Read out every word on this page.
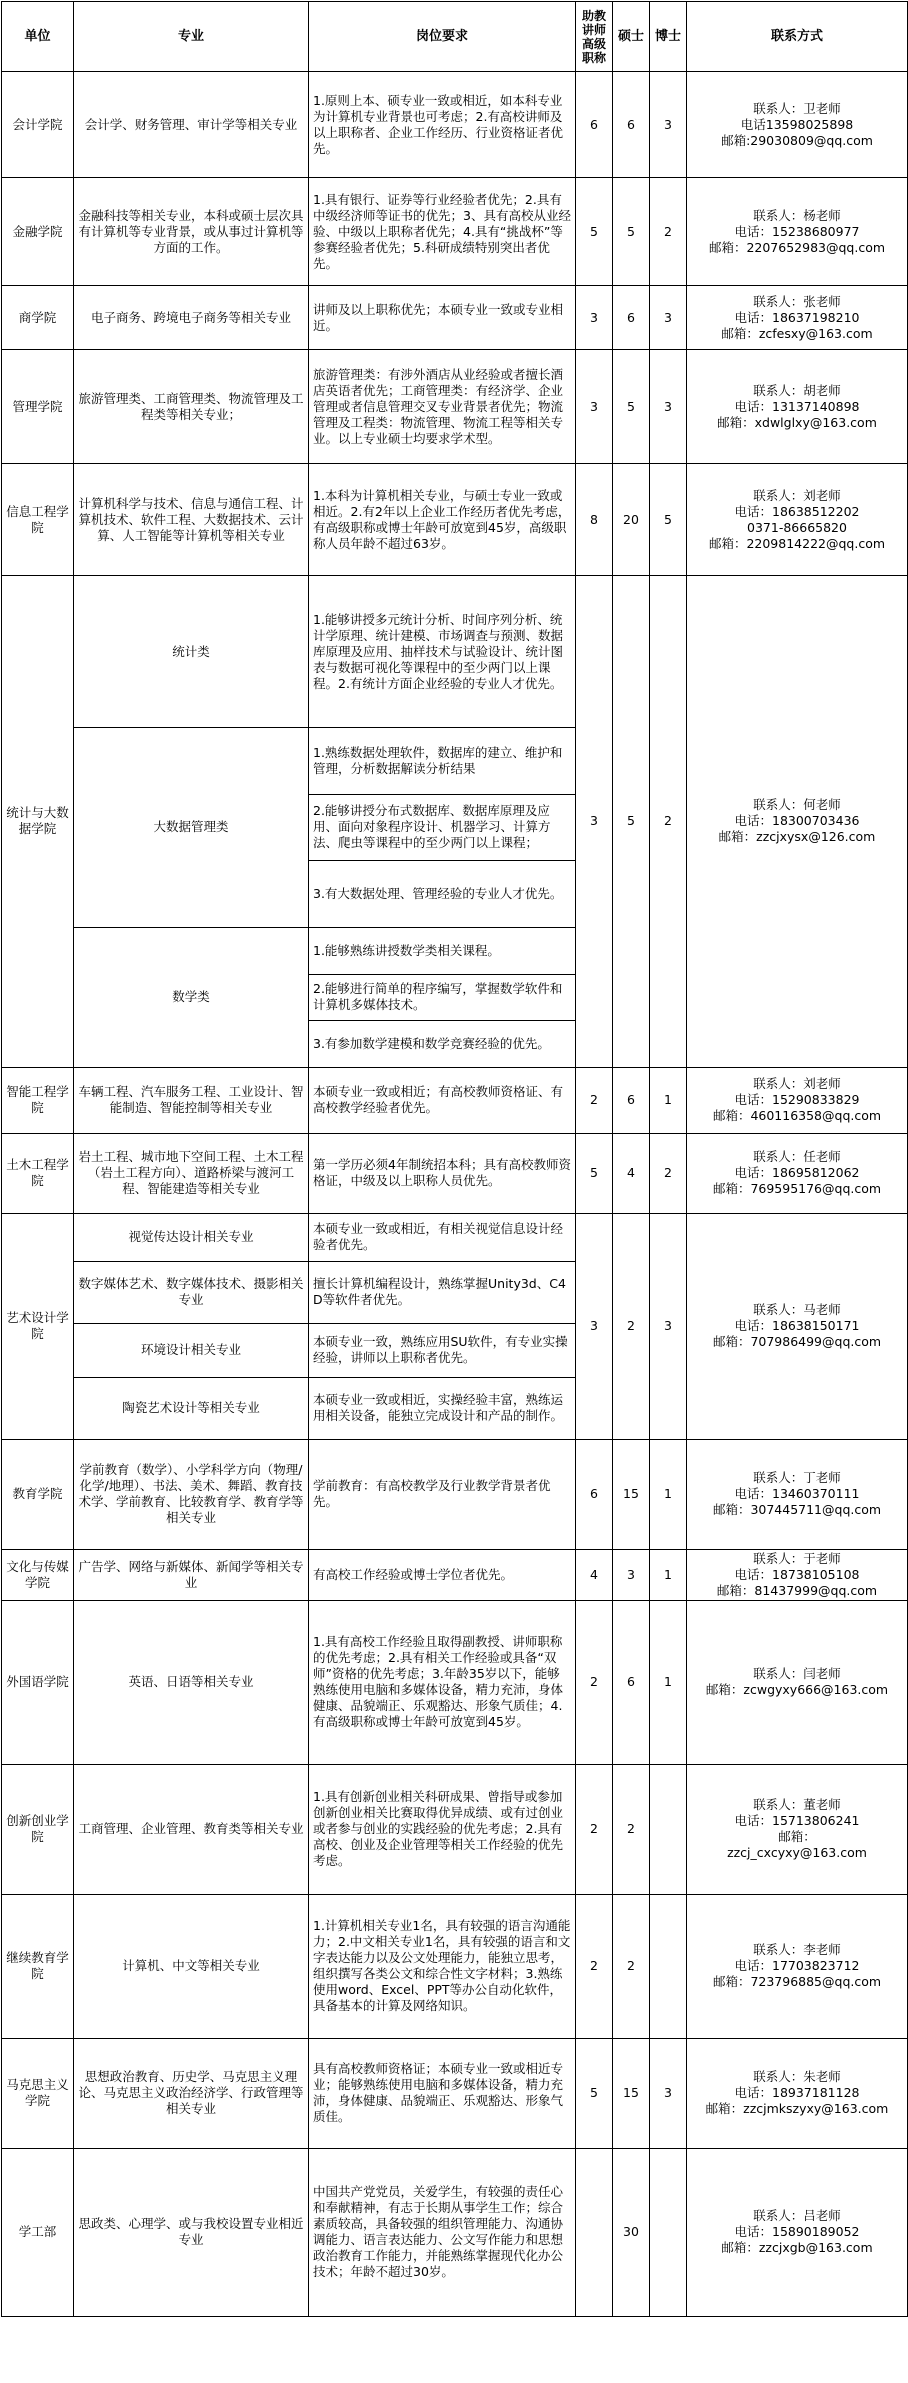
单位	专业	岗位要求	助教讲师高级职称	硕士	博士	联系方式
会计学院	会计学、财务管理、审计学等相关专业	1.原则上本、硕专业一致或相近，如本科专业为计算机专业背景也可考虑；2.有高校讲师及以上职称者、企业工作经历、行业资格证者优先。	6	6	3	联系人：卫老师
电话13598025898
邮箱:29030809@qq.com

金融学院	金融科技等相关专业，本科或硕士层次具有计算机等专业背景，或从事过计算机等方面的工作。	1.具有银行、证券等行业经验者优先；2.具有中级经济师等证书的优先；3、具有高校从业经验、中级以上职称者优先；4.具有“挑战杯”等参赛经验者优先；5.科研成绩特别突出者优先。	5	5	2	联系人：杨老师
电话：15238680977
邮箱：2207652983@qq.com

商学院	电子商务、跨境电子商务等相关专业	讲师及以上职称优先；本硕专业一致或专业相近。	3	6	3	联系人：张老师
电话：18637198210
邮箱：zcfesxy@163.com

管理学院	旅游管理类、工商管理类、物流管理及工程类等相关专业；	旅游管理类：有涉外酒店从业经验或者擅长酒店英语者优先；工商管理类：有经济学、企业管理或者信息管理交叉专业背景者优先；物流管理及工程类：物流管理、物流工程等相关专业。以上专业硕士均要求学术型。	3	5	3	联系人：胡老师
电话：13137140898
邮箱：xdwlglxy@163.com

信息工程学院	计算机科学与技术、信息与通信工程、计算机技术、软件工程、大数据技术、云计算、人工智能等计算机等相关专业	1.本科为计算机相关专业，与硕士专业一致或相近。2.有2年以上企业工作经历者优先考虑，有高级职称或博士年龄可放宽到45岁，高级职称人员年龄不超过63岁。	8	20	5	联系人：刘老师
电话：18638512202
0371-86665820
邮箱：2209814222@qq.com

统计与大数据学院	统计类	1.能够讲授多元统计分析、时间序列分析、统计学原理、统计建模、市场调查与预测、数据库原理及应用、抽样技术与试验设计、统计图表与数据可视化等课程中的至少两门以上课程。2.有统计方面企业经验的专业人才优先。	3	5	2	联系人：何老师
电话：18300703436
邮箱：zzcjxysx@126.com

	大数据管理类	1.熟练数据处理软件，数据库的建立、维护和管理，分析数据解读分析结果				
		2.能够讲授分布式数据库、数据库原理及应用、面向对象程序设计、机器学习、计算方法、爬虫等课程中的至少两门以上课程；				
		3.有大数据处理、管理经验的专业人才优先。				
	数学类	1.能够熟练讲授数学类相关课程。				
		2.能够进行简单的程序编写，掌握数学软件和计算机多媒体技术。				
		3.有参加数学建模和数学竞赛经验的优先。				
智能工程学院	车辆工程、汽车服务工程、工业设计、智能制造、智能控制等相关专业	本硕专业一致或相近；有高校教师资格证、有高校教学经验者优先。	2	6	1	联系人：刘老师
电话：15290833829
邮箱：460116358@qq.com

土木工程学院	岩土工程、城市地下空间工程、土木工程（岩土工程方向）、道路桥梁与渡河工程、智能建造等相关专业	第一学历必须4年制统招本科；具有高校教师资格证，中级及以上职称人员优先。	5	4	2	联系人：任老师
电话：18695812062
邮箱：769595176@qq.com

艺术设计学院	视觉传达设计相关专业	本硕专业一致或相近，有相关视觉信息设计经验者优先。	3	2	3	联系人：马老师
电话：18638150171
邮箱：707986499@qq.com

	数字媒体艺术、数字媒体技术、摄影相关专业	擅长计算机编程设计，熟练掌握Unity3d、C4D等软件者优先。				
	环境设计相关专业	本硕专业一致，熟练应用SU软件，有专业实操经验，讲师以上职称者优先。				
	陶瓷艺术设计等相关专业	本硕专业一致或相近，实操经验丰富，熟练运用相关设备，能独立完成设计和产品的制作。				
教育学院	学前教育（数学）、小学科学方向（物理/化学/地理）、书法、美术、舞蹈、教育技术学、学前教育、比较教育学、教育学等相关专业	学前教育：有高校教学及行业教学背景者优先。	6	15	1	联系人：丁老师
电话：13460370111
邮箱：307445711@qq.com

文化与传媒学院	广告学、网络与新媒体、新闻学等相关专业	有高校工作经验或博士学位者优先。	4	3	1	联系人：于老师
电话：18738105108
邮箱：81437999@qq.com

外国语学院	英语、日语等相关专业	1.具有高校工作经验且取得副教授、讲师职称的优先考虑；2.具有相关工作经验或具备“双师”资格的优先考虑；3.年龄35岁以下，能够熟练使用电脑和多媒体设备，精力充沛，身体健康、品貌端正、乐观豁达、形象气质佳；4.有高级职称或博士年龄可放宽到45岁。	2	6	1	联系人：闫老师
邮箱：zcwgyxy666@163.com

创新创业学院	工商管理、企业管理、教育类等相关专业	1.具有创新创业相关科研成果、曾指导或参加创新创业相关比赛取得优异成绩、或有过创业或者参与创业的实践经验的优先考虑；2.具有高校、创业及企业管理等相关工作经验的优先考虑。	2	2		联系人：董老师
电话：15713806241
邮箱：
zzcj_cxcyxy@163.com

继续教育学院	计算机、中文等相关专业	1.计算机相关专业1名，具有较强的语言沟通能力；2.中文相关专业1名，具有较强的语言和文字表达能力以及公文处理能力，能独立思考，组织撰写各类公文和综合性文字材料；3.熟练使用word、Excel、PPT等办公自动化软件，具备基本的计算及网络知识。	2	2		联系人：李老师
电话：17703823712
邮箱：723796885@qq.com

马克思主义学院	思想政治教育、历史学、马克思主义理论、马克思主义政治经济学、行政管理等相关专业	具有高校教师资格证；本硕专业一致或相近专业；能够熟练使用电脑和多媒体设备，精力充沛，身体健康、品貌端正、乐观豁达、形象气质佳。	5	15	3	联系人：朱老师
电话：18937181128
邮箱：zzcjmkszyxy@163.com

学工部	思政类、心理学、或与我校设置专业相近专业	中国共产党党员，关爱学生，有较强的责任心和奉献精神，有志于长期从事学生工作；综合素质较高，具备较强的组织管理能力、沟通协调能力、语言表达能力、公文写作能力和思想政治教育工作能力，并能熟练掌握现代化办公技术；年龄不超过30岁。		30		联系人：吕老师
电话：15890189052
邮箱：zzcjxgb@163.com
